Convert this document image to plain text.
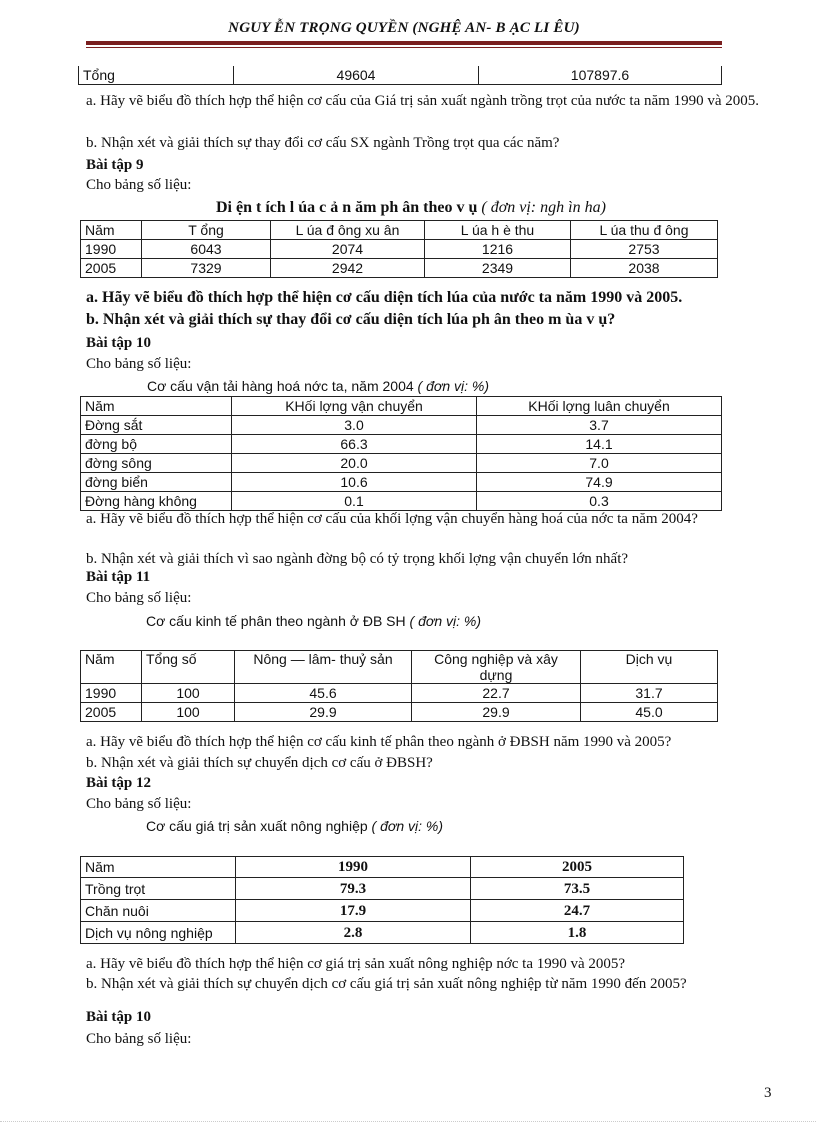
NGUY ỄN TRỌNG QUYỀN (NGHỆ AN- B ẠC LI ÊU)
Tổng	49604	107897.6
a. Hãy vẽ biểu đồ thích hợp thể hiện cơ cấu của Giá trị sản xuất ngành trồng trọt của nước ta năm 1990 và 2005.
b. Nhận xét và giải thích sự thay đổi cơ cấu SX ngành Trồng trọt qua các năm?
Bài tập 9
Cho bảng số liệu:
Di ện t ích l úa c ả n ăm ph ân theo v ụ ( đơn vị: ngh ìn ha)
Năm	T ổng	L úa đ ông xu ân	L úa h è thu	L úa thu đ ông
1990	6043	2074	1216	2753
2005	7329	2942	2349	2038
a. Hãy vẽ biểu đồ thích hợp thể hiện cơ cấu diện tích lúa của nước ta năm 1990 và 2005.
b. Nhận xét và giải thích sự thay đổi cơ cấu diện tích lúa ph ân theo m ùa v ụ?
Bài tập 10
Cho bảng số liệu:
Cơ cấu vận tải hàng hoá nớc ta, năm 2004 ( đơn vị: %)
Năm	KHối lợng vận chuyển	KHối lợng luân chuyển
Đờng sắt	3.0	3.7
đờng bộ	66.3	14.1
đờng sông	20.0	7.0
đờng biển	10.6	74.9
Đờng hàng không	0.1	0.3
a. Hãy vẽ biểu đồ thích hợp thể hiện cơ cấu của khối lợng vận chuyển hàng hoá của nớc ta năm 2004?
b. Nhận xét và giải thích vì sao ngành đờng bộ có tỷ trọng khối lợng vận chuyển lớn nhất?
Bài tập 11
Cho bảng số liệu:
Cơ cấu kinh tế phân theo ngành ở ĐB SH ( đơn vị: %)
Năm	Tổng số	Nông — lâm- thuỷ sản	Công nghiệp và xây dựng	Dịch vụ
1990	100	45.6	22.7	31.7
2005	100	29.9	29.9	45.0
a. Hãy vẽ biểu đồ thích hợp thể hiện cơ cấu kinh tế phân theo ngành ở ĐBSH năm 1990 và 2005?
b. Nhận xét và giải thích sự chuyển dịch cơ cấu ở ĐBSH?
Bài tập 12
Cho bảng số liệu:
Cơ cấu giá trị sản xuất nông nghiệp ( đơn vị: %)
Năm	1990	2005
Trồng trọt	79.3	73.5
Chăn nuôi	17.9	24.7
Dịch vụ nông nghiệp	2.8	1.8
a. Hãy vẽ biểu đồ thích hợp thể hiện cơ giá trị sản xuất nông nghiệp nớc ta 1990 và 2005?
b. Nhận xét và giải thích sự chuyển dịch cơ cấu giá trị sản xuất nông nghiệp từ năm 1990 đến 2005?
Bài tập 10
Cho bảng số liệu:
3
